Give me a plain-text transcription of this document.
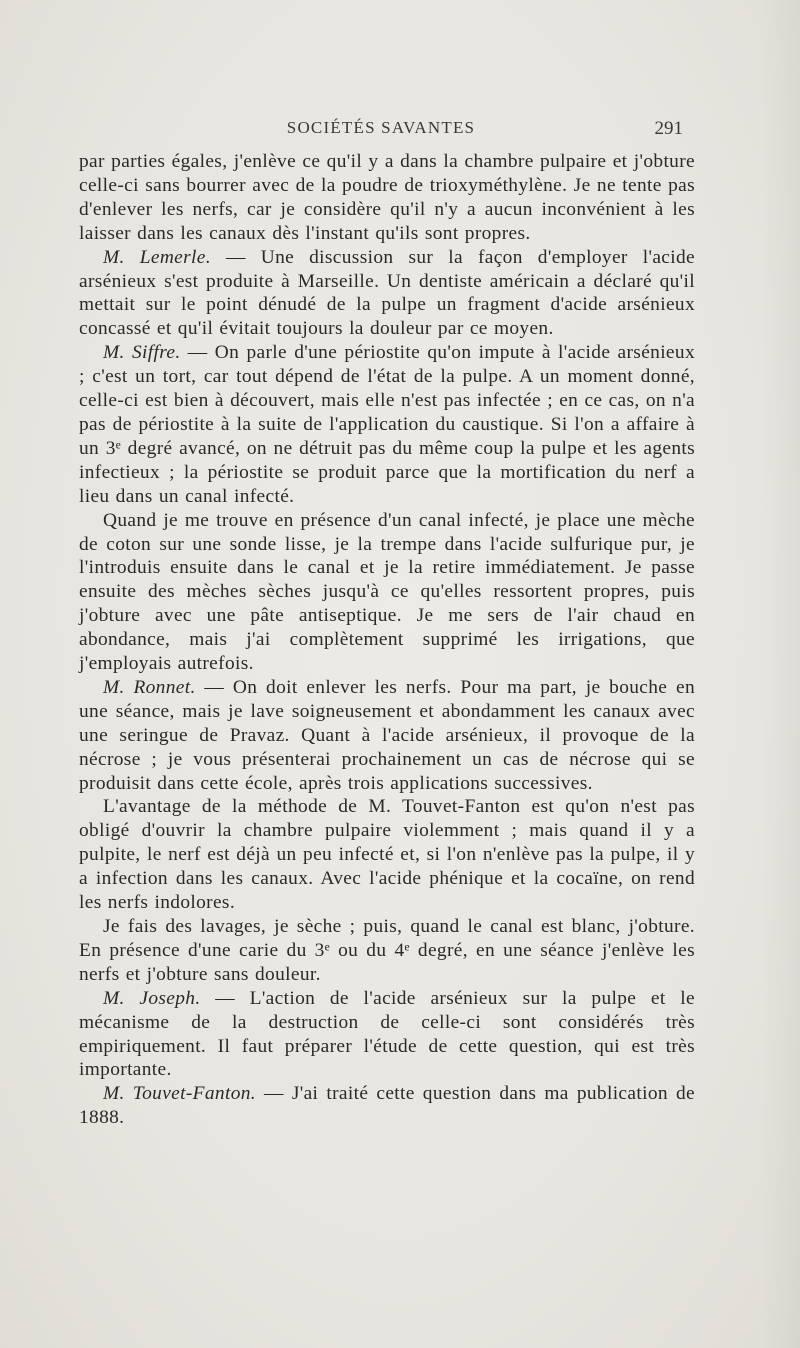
SOCIÉTÉS SAVANTES	291

par parties égales, j'enlève ce qu'il y a dans la chambre pulpaire et j'obture celle-ci sans bourrer avec de la poudre de trioxyméthylène. Je ne tente pas d'enlever les nerfs, car je considère qu'il n'y a aucun inconvénient à les laisser dans les canaux dès l'instant qu'ils sont propres.

M. Lemerle. — Une discussion sur la façon d'employer l'acide arsénieux s'est produite à Marseille. Un dentiste américain a déclaré qu'il mettait sur le point dénudé de la pulpe un fragment d'acide arsénieux concassé et qu'il évitait toujours la douleur par ce moyen.

M. Siffre. — On parle d'une périostite qu'on impute à l'acide arsénieux ; c'est un tort, car tout dépend de l'état de la pulpe. A un moment donné, celle-ci est bien à découvert, mais elle n'est pas infectée ; en ce cas, on n'a pas de périostite à la suite de l'application du caustique. Si l'on a affaire à un 3ᵉ degré avancé, on ne détruit pas du même coup la pulpe et les agents infectieux ; la périostite se produit parce que la mortification du nerf a lieu dans un canal infecté.

Quand je me trouve en présence d'un canal infecté, je place une mèche de coton sur une sonde lisse, je la trempe dans l'acide sulfurique pur, je l'introduis ensuite dans le canal et je la retire immédiatement. Je passe ensuite des mèches sèches jusqu'à ce qu'elles ressortent propres, puis j'obture avec une pâte antiseptique. Je me sers de l'air chaud en abondance, mais j'ai complètement supprimé les irrigations, que j'employais autrefois.

M. Ronnet. — On doit enlever les nerfs. Pour ma part, je bouche en une séance, mais je lave soigneusement et abondamment les canaux avec une seringue de Pravaz. Quant à l'acide arsénieux, il provoque de la nécrose ; je vous présenterai prochainement un cas de nécrose qui se produisit dans cette école, après trois applications successives.

L'avantage de la méthode de M. Touvet-Fanton est qu'on n'est pas obligé d'ouvrir la chambre pulpaire violemment ; mais quand il y a pulpite, le nerf est déjà un peu infecté et, si l'on n'enlève pas la pulpe, il y a infection dans les canaux. Avec l'acide phénique et la cocaïne, on rend les nerfs indolores.

Je fais des lavages, je sèche ; puis, quand le canal est blanc, j'obture. En présence d'une carie du 3ᵉ ou du 4ᵉ degré, en une séance j'enlève les nerfs et j'obture sans douleur.

M. Joseph. — L'action de l'acide arsénieux sur la pulpe et le mécanisme de la destruction de celle-ci sont considérés très empiriquement. Il faut préparer l'étude de cette question, qui est très importante.

M. Touvet-Fanton. — J'ai traité cette question dans ma publication de 1888.
